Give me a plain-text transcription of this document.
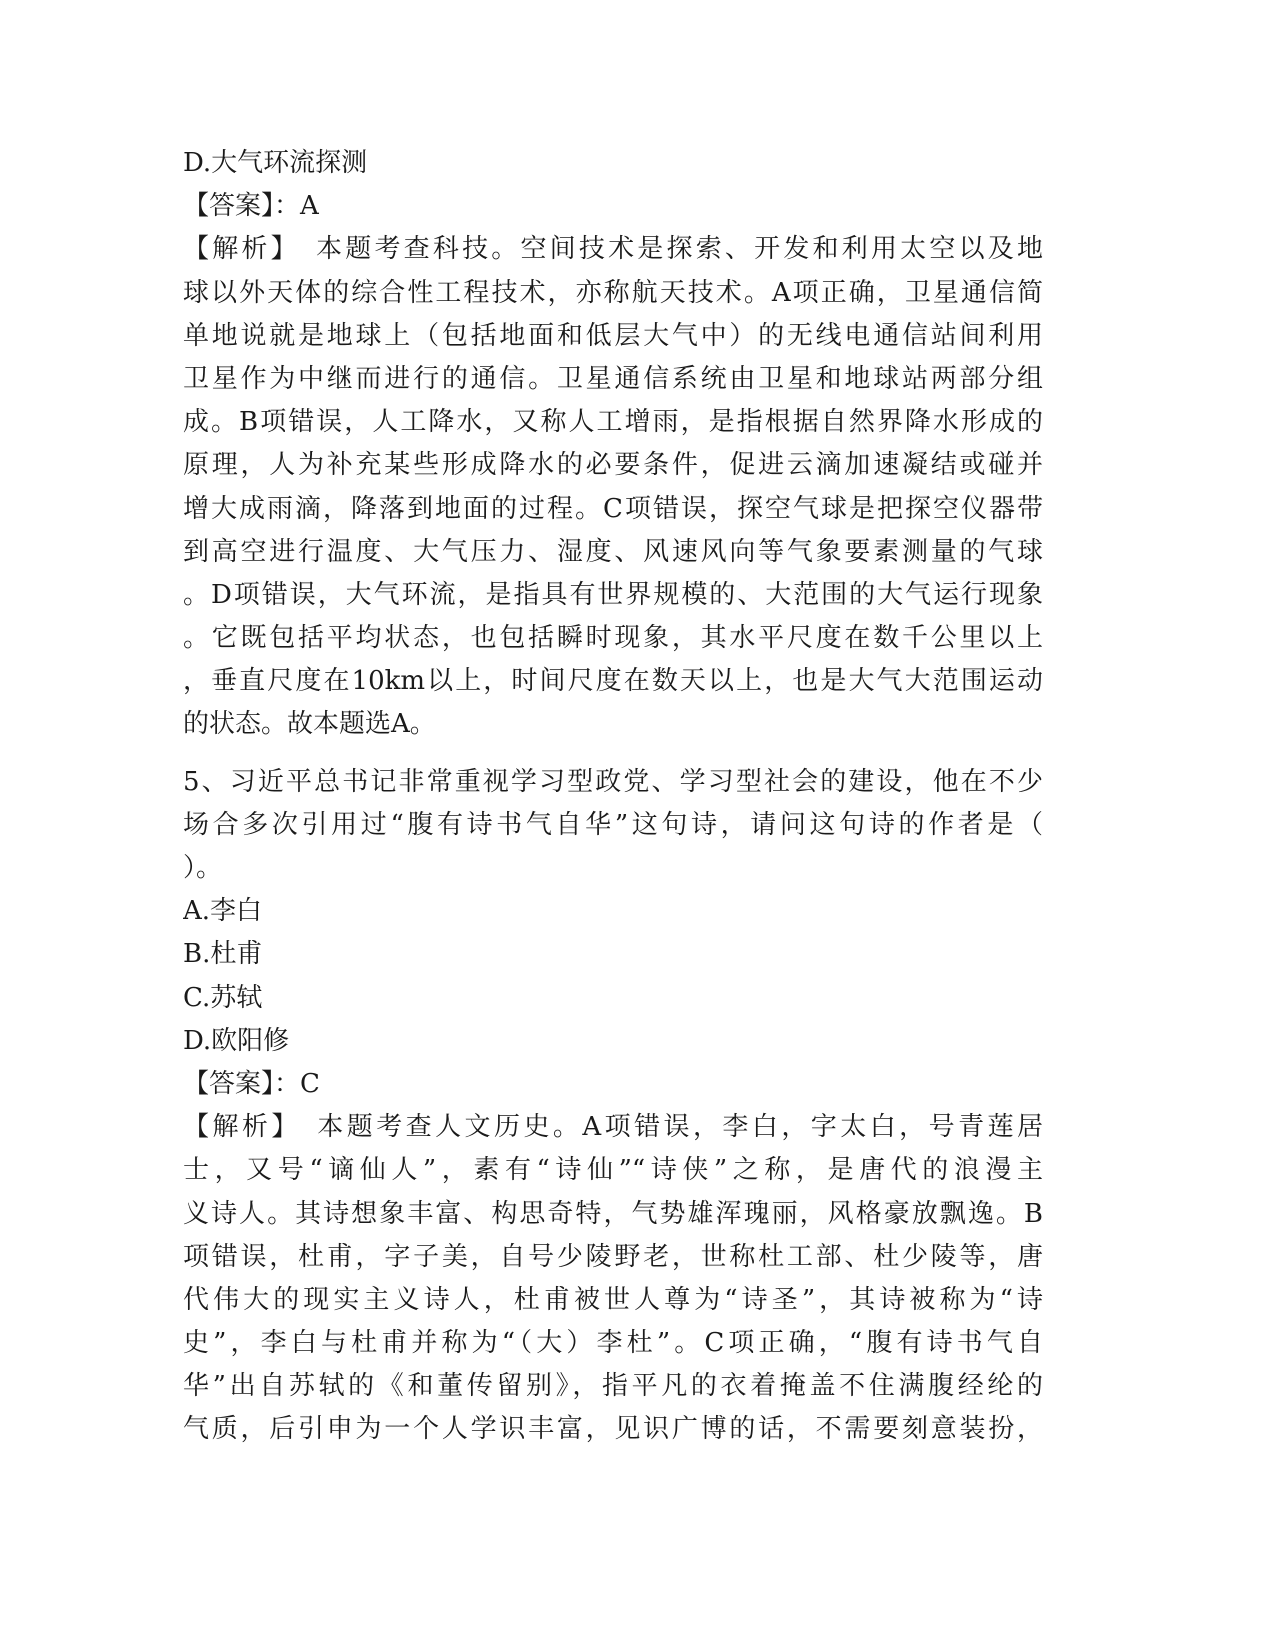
D.大气环流探测
【答案】：A
【解析】　本题考查科技。空间技术是探索、开发和利用太空以及地
球以外天体的综合性工程技术，亦称航天技术。A项正确，卫星通信简
单地说就是地球上（包括地面和低层大气中）的无线电通信站间利用
卫星作为中继而进行的通信。卫星通信系统由卫星和地球站两部分组
成。B项错误，人工降水，又称人工增雨，是指根据自然界降水形成的
原理，人为补充某些形成降水的必要条件，促进云滴加速凝结或碰并
增大成雨滴，降落到地面的过程。C项错误，探空气球是把探空仪器带
到高空进行温度、大气压力、湿度、风速风向等气象要素测量的气球
。D项错误，大气环流，是指具有世界规模的、大范围的大气运行现象
。它既包括平均状态，也包括瞬时现象，其水平尺度在数千公里以上
，垂直尺度在10km以上，时间尺度在数天以上，也是大气大范围运动
的状态。故本题选A。
5、习近平总书记非常重视学习型政党、学习型社会的建设，他在不少
场合多次引用过“腹有诗书气自华”这句诗，请问这句诗的作者是（
）。
A.李白
B.杜甫
C.苏轼
D.欧阳修
【答案】：C
【解析】　本题考查人文历史。A项错误，李白，字太白，号青莲居
士，又号“谪仙人”，素有“诗仙”“诗侠”之称，是唐代的浪漫主
义诗人。其诗想象丰富、构思奇特，气势雄浑瑰丽，风格豪放飘逸。B
项错误，杜甫，字子美，自号少陵野老，世称杜工部、杜少陵等，唐
代伟大的现实主义诗人，杜甫被世人尊为“诗圣”，其诗被称为“诗
史”，李白与杜甫并称为“（大）李杜”。C项正确，“腹有诗书气自
华”出自苏轼的《和董传留别》，指平凡的衣着掩盖不住满腹经纶的
气质，后引申为一个人学识丰富，见识广博的话，不需要刻意装扮，
